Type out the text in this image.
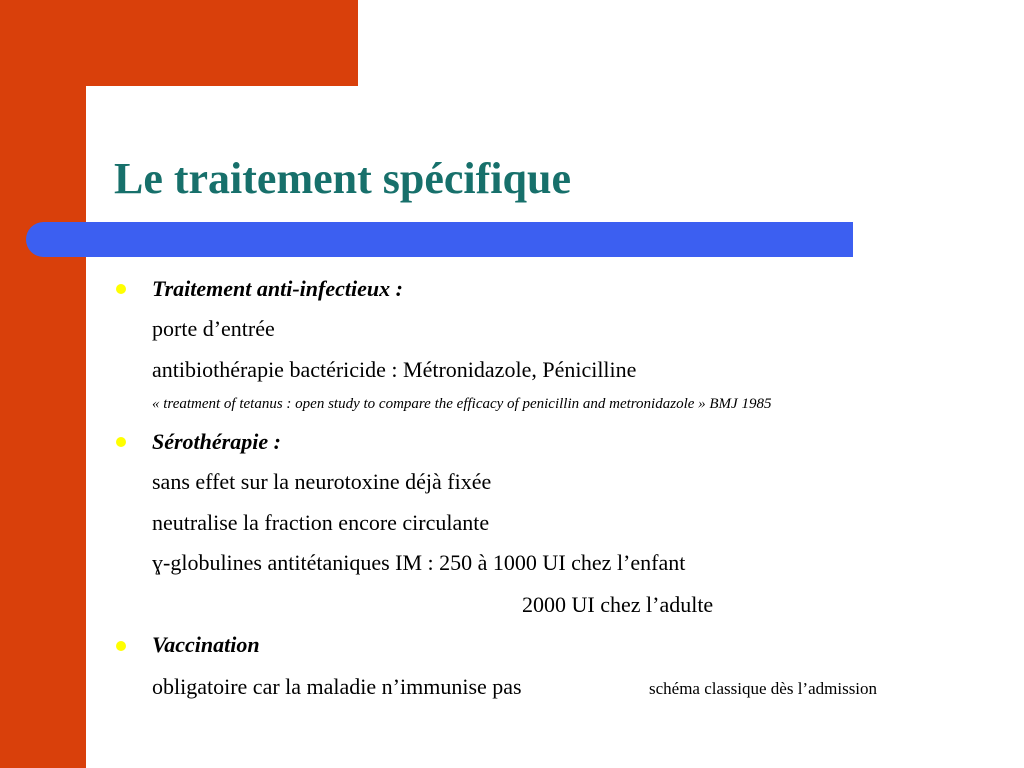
Le traitement spécifique

Traitement anti-infectieux :

porte d’entrée

antibiothérapie bactéricide : Métronidazole, Pénicilline

« treatment of tetanus : open study to compare the efficacy of penicillin and metronidazole » BMJ 1985

Sérothérapie :

sans effet sur la neurotoxine déjà fixée

neutralise la fraction encore circulante

ɣ-globulines antitétaniques IM : 250 à 1000 UI chez l’enfant

2000 UI chez l’adulte

Vaccination

obligatoire car la maladie n’immunise pas	schéma classique dès l’admission
